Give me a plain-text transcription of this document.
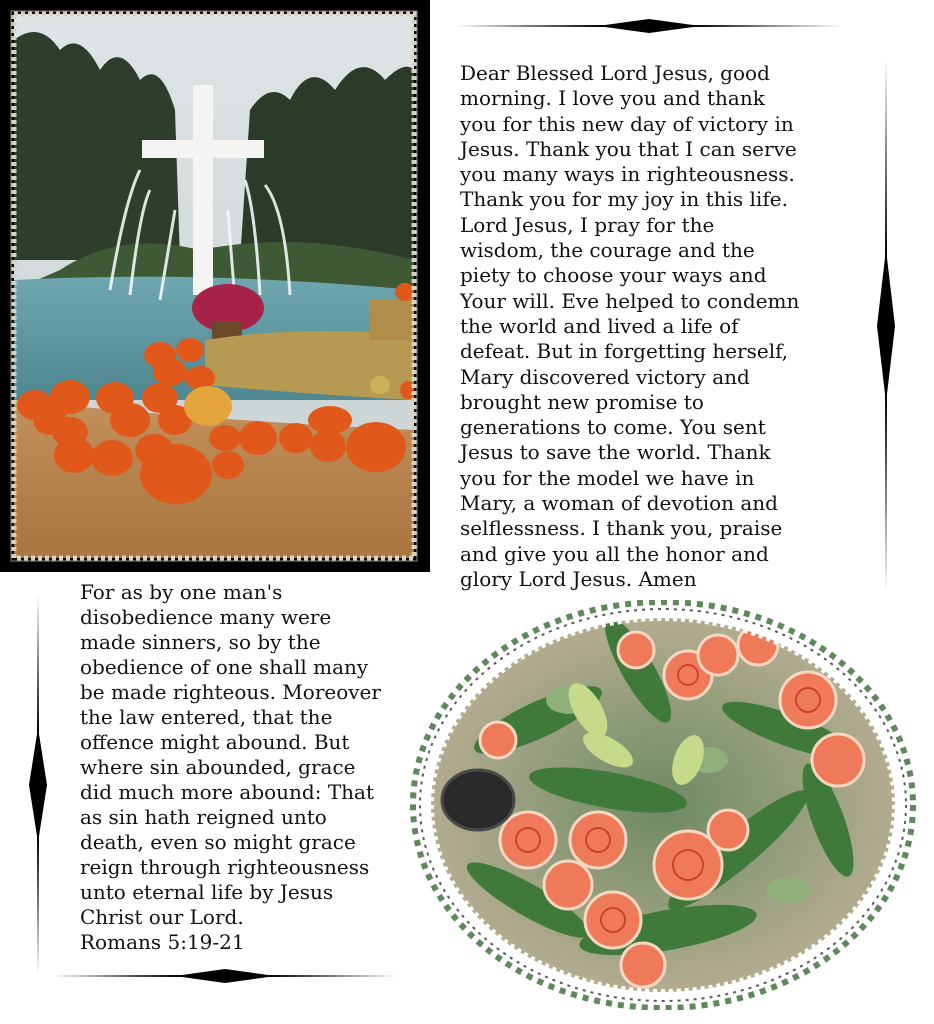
Dear Blessed Lord Jesus, good
morning. I love you and thank
you for this new day of victory in
Jesus. Thank you that I can serve
you many ways in righteousness.
Thank you for my joy in this life.
Lord Jesus, I pray for the
wisdom, the courage and the
piety to choose your ways and
Your will. Eve helped to condemn
the world and lived a life of
defeat. But in forgetting herself,
Mary discovered victory and
brought new promise to
generations to come. You sent
Jesus to save the world. Thank
you for the model we have in
Mary, a woman of devotion and
selflessness. I thank you, praise
and give you all the honor and
glory Lord Jesus. Amen
For as by one man's
disobedience many were
made sinners, so by the
obedience of one shall many
be made righteous. Moreover
the law entered, that the
offence might abound. But
where sin abounded, grace
did much more abound: That
as sin hath reigned unto
death, even so might grace
reign through righteousness
unto eternal life by Jesus
Christ our Lord.
Romans 5:19-21
